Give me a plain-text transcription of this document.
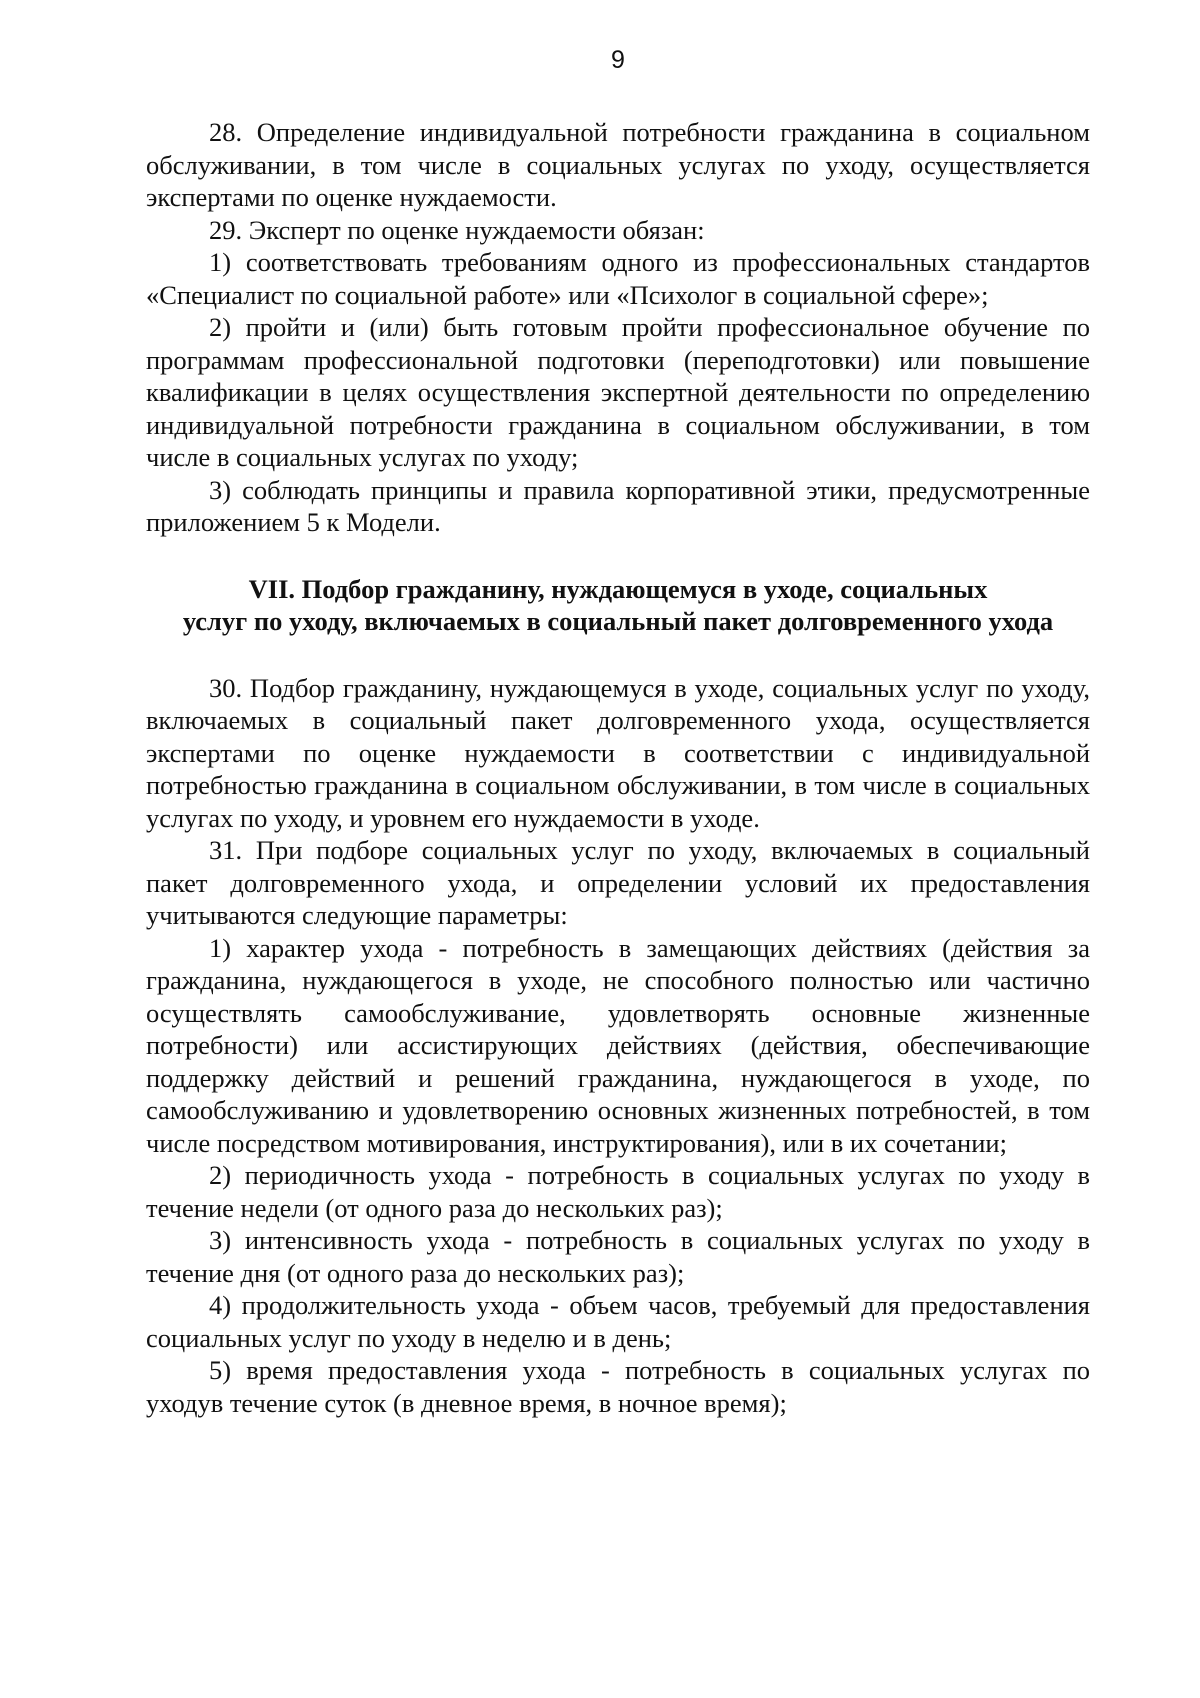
9

28. Определение индивидуальной потребности гражданина в социальном обслуживании, в том числе в социальных услугах по уходу, осуществляется экспертами по оценке нуждаемости.

29. Эксперт по оценке нуждаемости обязан:

1) соответствовать требованиям одного из профессиональных стандартов «Специалист по социальной работе» или «Психолог в социальной сфере»;

2) пройти и (или) быть готовым пройти профессиональное обучение по программам профессиональной подготовки (переподготовки) или повышение квалификации в целях осуществления экспертной деятельности по определению индивидуальной потребности гражданина в социальном обслуживании, в том числе в социальных услугах по уходу;

3) соблюдать принципы и правила корпоративной этики, предусмотренные приложением 5 к Модели.

VII. Подбор гражданину, нуждающемуся в уходе, социальных
услуг по уходу, включаемых в социальный пакет долговременного ухода

30. Подбор гражданину, нуждающемуся в уходе, социальных услуг по уходу, включаемых в социальный пакет долговременного ухода, осуществляется экспертами по оценке нуждаемости в соответствии с индивидуальной потребностью гражданина в социальном обслуживании, в том числе в социальных услугах по уходу, и уровнем его нуждаемости в уходе.

31. При подборе социальных услуг по уходу, включаемых в социальный пакет долговременного ухода, и определении условий их предоставления учитываются следующие параметры:

1) характер ухода - потребность в замещающих действиях (действия за гражданина, нуждающегося в уходе, не способного полностью или частично осуществлять самообслуживание, удовлетворять основные жизненные потребности) или ассистирующих действиях (действия, обеспечивающие поддержку действий и решений гражданина, нуждающегося в уходе, по самообслуживанию и удовлетворению основных жизненных потребностей, в том числе посредством мотивирования, инструктирования), или в их сочетании;

2) периодичность ухода - потребность в социальных услугах по уходу в течение недели (от одного раза до нескольких раз);

3) интенсивность ухода - потребность в социальных услугах по уходу в течение дня (от одного раза до нескольких раз);

4) продолжительность ухода - объем часов, требуемый для предоставления социальных услуг по уходу в неделю и в день;

5) время предоставления ухода - потребность в социальных услугах по уходув течение суток (в дневное время, в ночное время);
